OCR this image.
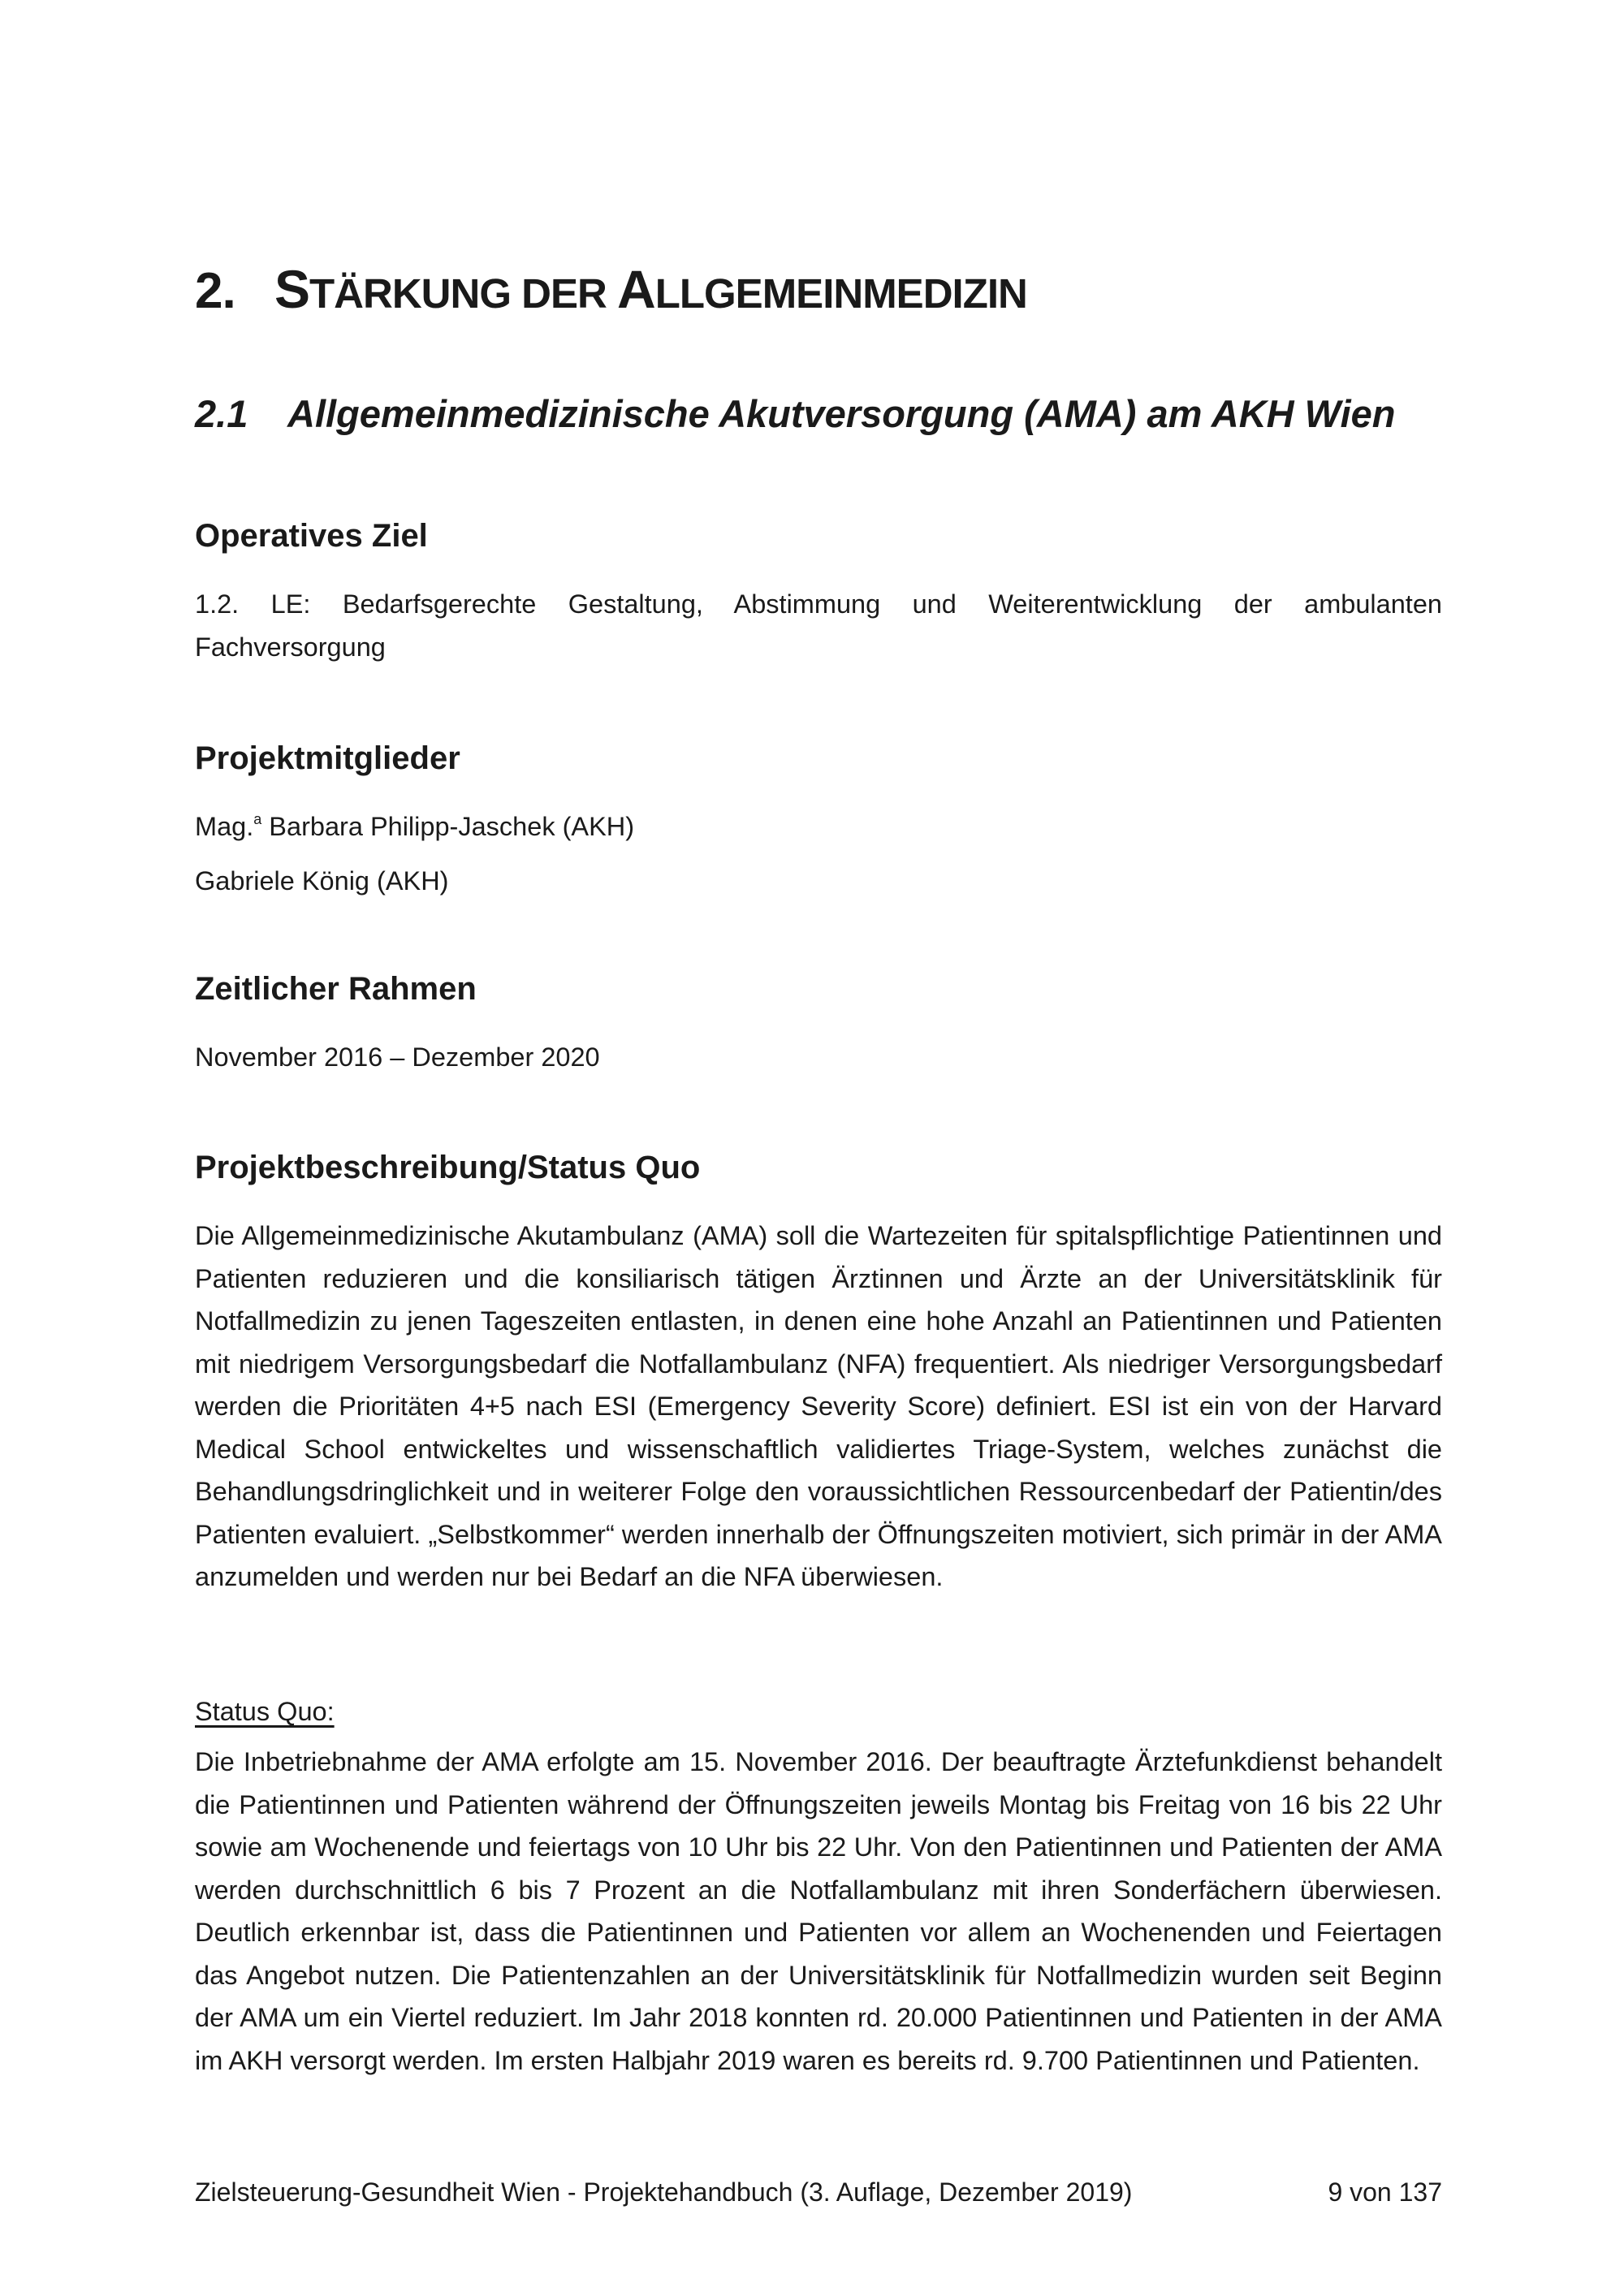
2. STÄRKUNG DER ALLGEMEINMEDIZIN
2.1 Allgemeinmedizinische Akutversorgung (AMA) am AKH Wien
Operatives Ziel

1.2. LE: Bedarfsgerechte Gestaltung, Abstimmung und Weiterentwicklung der ambulanten Fachversorgung

Projektmitglieder

Mag.$^a$ Barbara Philipp-Jaschek (AKH)

Gabriele König (AKH)

Zeitlicher Rahmen

November 2016 – Dezember 2020

Projektbeschreibung/Status Quo

Die Allgemeinmedizinische Akutambulanz (AMA) soll die Wartezeiten für spitalspflichtige Patientinnen und Patienten reduzieren und die konsiliarisch tätigen Ärztinnen und Ärzte an der Universitätsklinik für Notfallmedizin zu jenen Tageszeiten entlasten, in denen eine hohe Anzahl an Patientinnen und Patienten mit niedrigem Versorgungsbedarf die Notfallambulanz (NFA) frequentiert. Als niedriger Versorgungsbedarf werden die Prioritäten 4+5 nach ESI (Emergency Severity Score) definiert. ESI ist ein von der Harvard Medical School entwickeltes und wissenschaftlich validiertes Triage-System, welches zunächst die Behandlungsdringlichkeit und in weiterer Folge den voraussichtlichen Ressourcenbedarf der Patientin/des Patienten evaluiert. „Selbstkommer“ werden innerhalb der Öffnungszeiten motiviert, sich primär in der AMA anzumelden und werden nur bei Bedarf an die NFA überwiesen.

Status Quo:

Die Inbetriebnahme der AMA erfolgte am 15. November 2016. Der beauftragte Ärztefunkdienst behandelt die Patientinnen und Patienten während der Öffnungszeiten jeweils Montag bis Freitag von 16 bis 22 Uhr sowie am Wochenende und feiertags von 10 Uhr bis 22 Uhr. Von den Patientinnen und Patienten der AMA werden durchschnittlich 6 bis 7 Prozent an die Notfallambulanz mit ihren Sonderfächern überwiesen. Deutlich erkennbar ist, dass die Patientinnen und Patienten vor allem an Wochenenden und Feiertagen das Angebot nutzen. Die Patientenzahlen an der Universitätsklinik für Notfallmedizin wurden seit Beginn der AMA um ein Viertel reduziert. Im Jahr 2018 konnten rd. 20.000 Patientinnen und Patienten in der AMA im AKH versorgt werden. Im ersten Halbjahr 2019 waren es bereits rd. 9.700 Patientinnen und Patienten.

Zielsteuerung-Gesundheit Wien - Projektehandbuch (3. Auflage, Dezember 2019)	9 von 137
